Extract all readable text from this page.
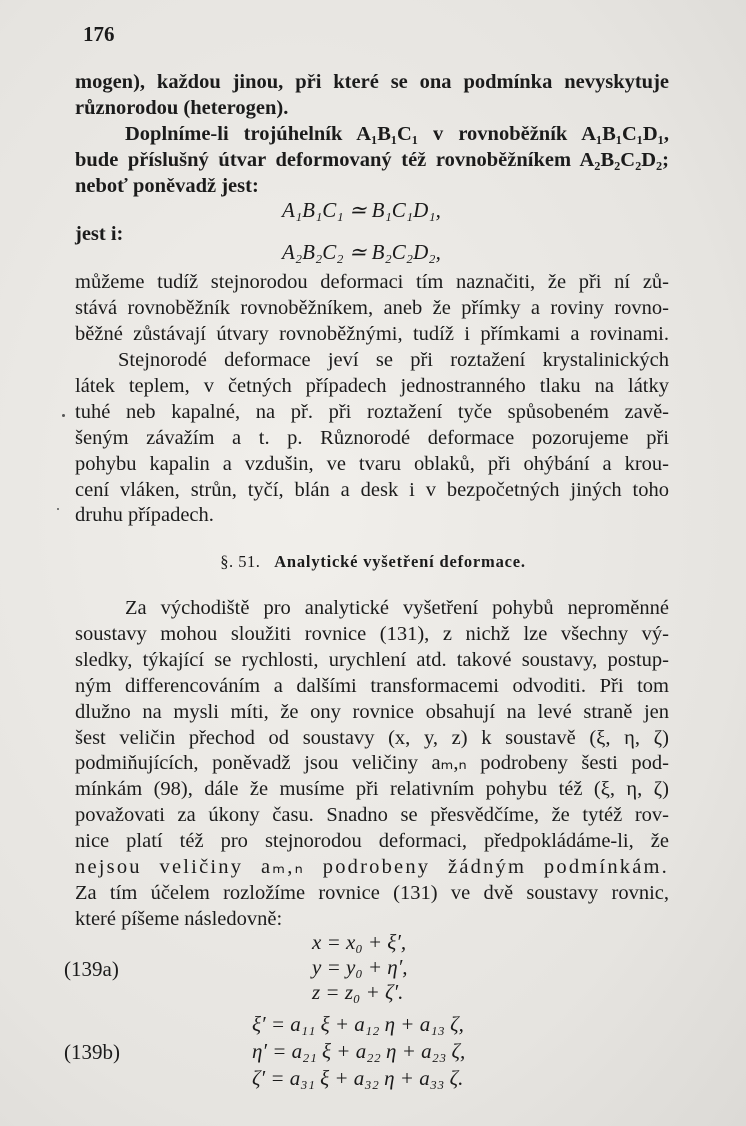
176
mogen), každou jinou, při které se ona podmínka nevyskytuje
různorodou (heterogen).
Doplníme-li trojúhelník A₁B₁C₁ v rovnoběžník A₁B₁C₁D₁,
bude příslušný útvar deformovaný též rovnoběžníkem A₂B₂C₂D₂;
neboť poněvadž jest:
A₁B₁C₁ ≃ B₁C₁D₁,
jest i:
A₂B₂C₂ ≃ B₂C₂D₂,
můžeme tudíž stejnorodou deformaci tím naznačiti, že při ní zů-
stává rovnoběžník rovnoběžníkem, aneb že přímky a roviny rovno-
běžné zůstávají útvary rovnoběžnými, tudíž i přímkami a rovinami.
Stejnorodé deformace jeví se při roztažení krystalinických
látek teplem, v četných případech jednostranného tlaku na látky
tuhé neb kapalné, na př. při roztažení tyče spůsobeném zavě-
šeným závažím a t. p. Různorodé deformace pozorujeme při
pohybu kapalin a vzdušin, ve tvaru oblaků, při ohýbání a krou-
cení vláken, strůn, tyčí, blán a desk i v bezpočetných jiných toho
druhu případech.
§. 51. Analytické vyšetření deformace.
Za východiště pro analytické vyšetření pohybů neproměnné
soustavy mohou sloužiti rovnice (131), z nichž lze všechny vý-
sledky, týkající se rychlosti, urychlení atd. takové soustavy, postup-
ným differencováním a dalšími transformacemi odvoditi. Při tom
dlužno na mysli míti, že ony rovnice obsahují na levé straně jen
šest veličin přechod od soustavy (x, y, z) k soustavě (ξ, η, ζ)
podmiňujících, poněvadž jsou veličiny aₘ,ₙ podrobeny šesti pod-
mínkám (98), dále že musíme při relativním pohybu též (ξ, η, ζ)
považovati za úkony času. Snadno se přesvědčíme, že tytéž rov-
nice platí též pro stejnorodou deformaci, předpokládáme-li, že
nejsou veličiny aₘ,ₙ podrobeny žádným podmínkám.
Za tím účelem rozložíme rovnice (131) ve dvě soustavy rovnic,
které píšeme následovně:
(139a)
x = x₀ + ξ′,
y = y₀ + η′,
z = z₀ + ζ′.
(139b)
ξ′ = a₁₁ ξ + a₁₂ η + a₁₃ ζ,
η′ = a₂₁ ξ + a₂₂ η + a₂₃ ζ,
ζ′ = a₃₁ ξ + a₃₂ η + a₃₃ ζ.
